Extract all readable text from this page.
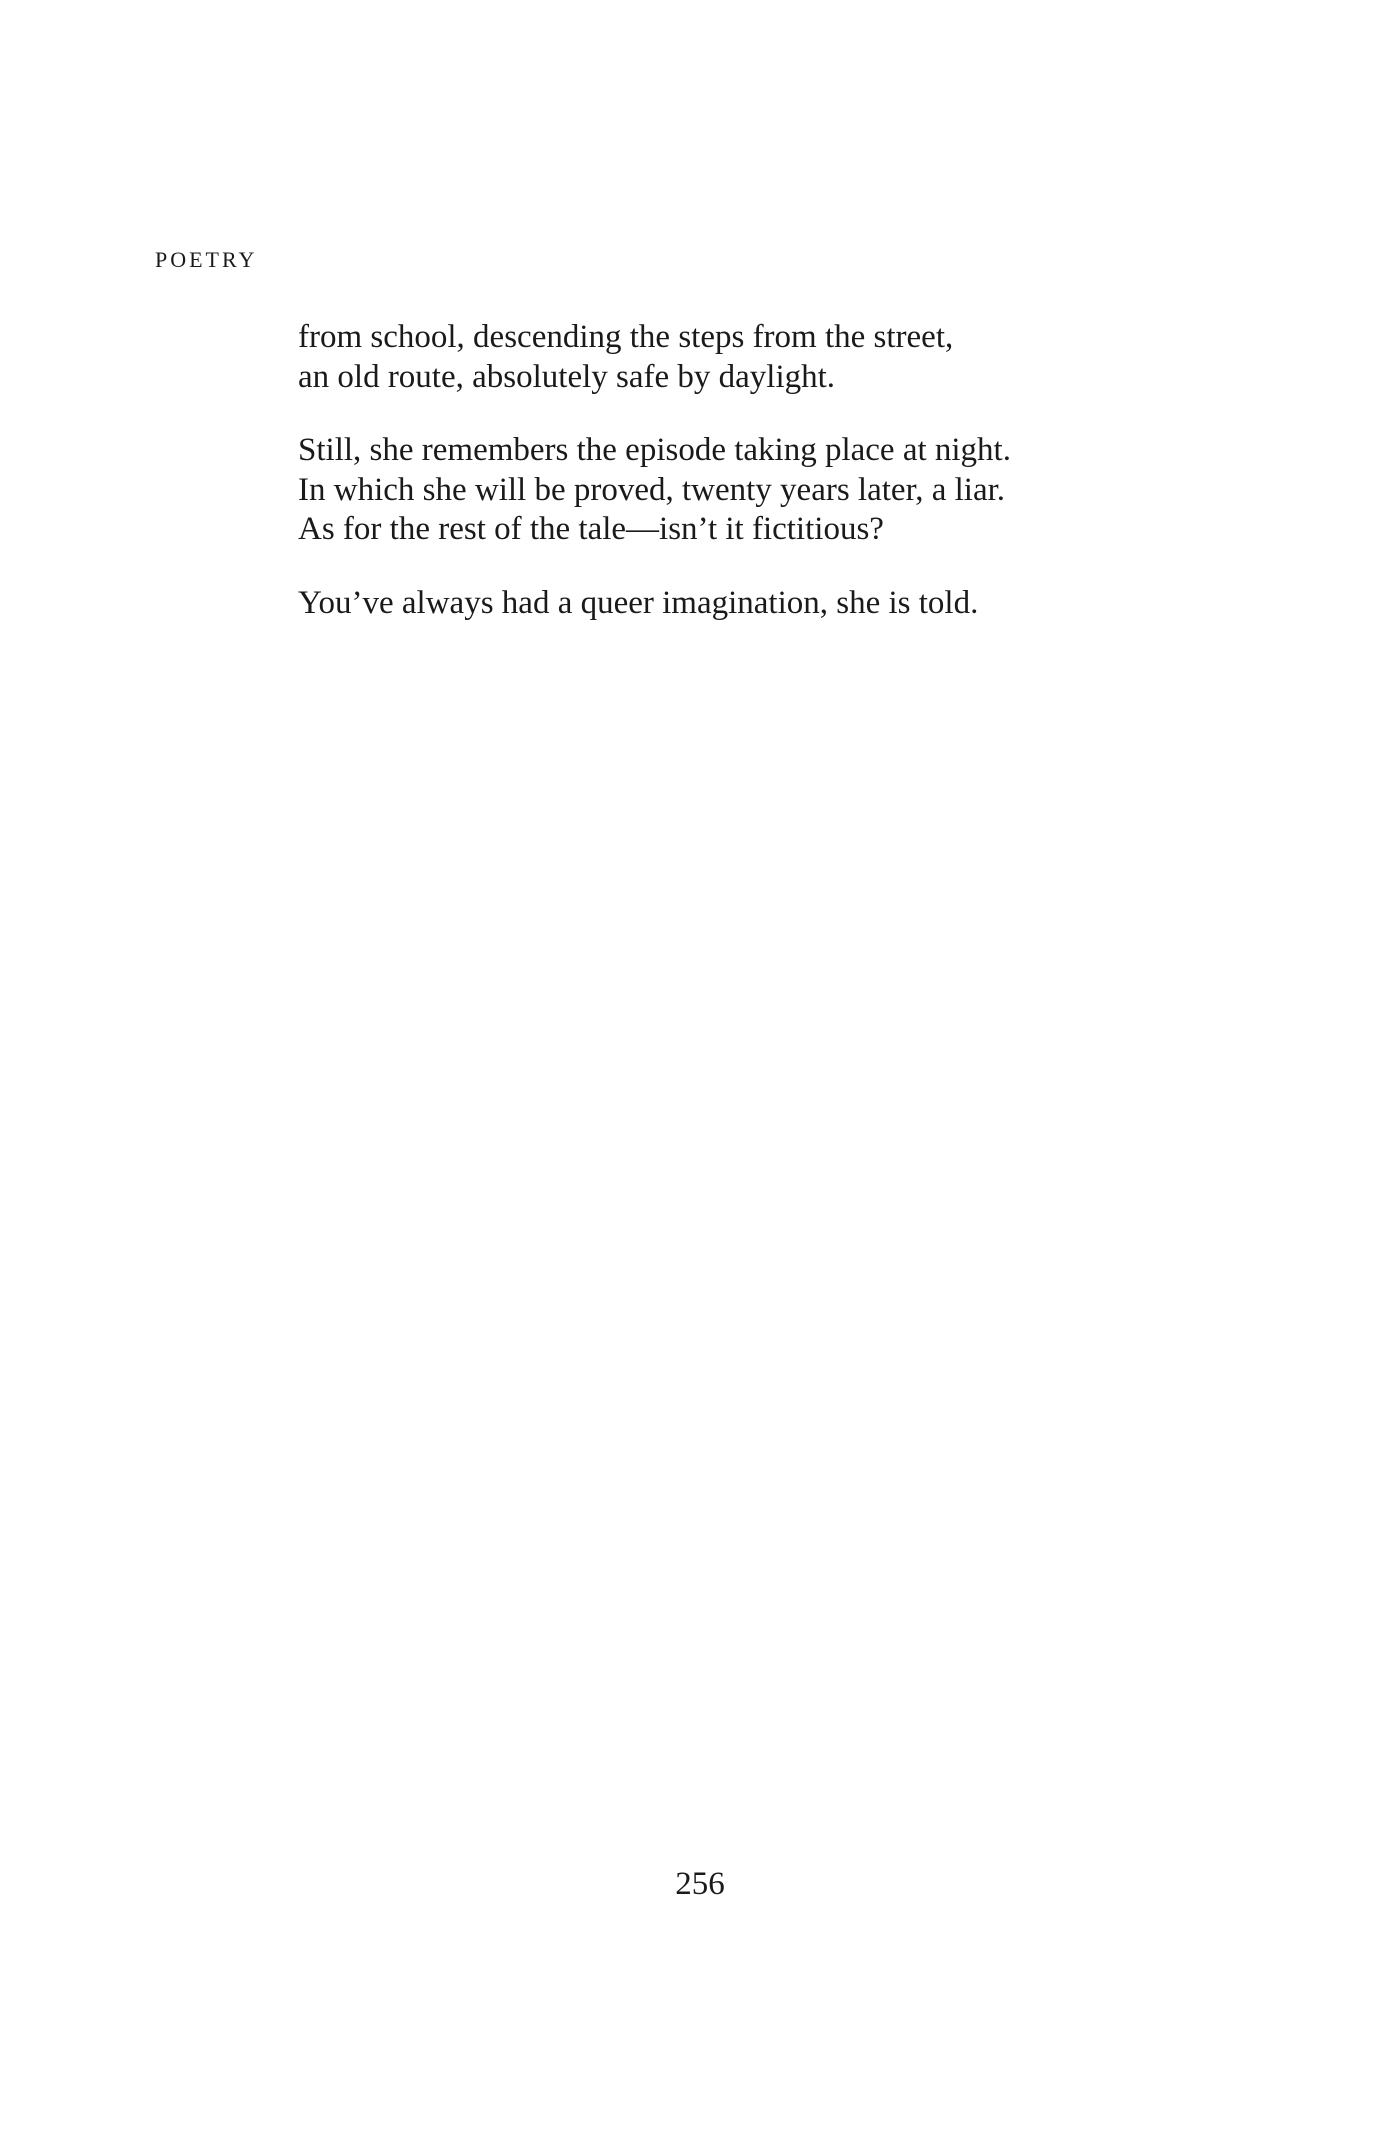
POETRY
from school, descending the steps from the street,
an old route, absolutely safe by daylight.
Still, she remembers the episode taking place at night.
In which she will be proved, twenty years later, a liar.
As for the rest of the tale—isn’t it fictitious?
You’ve always had a queer imagination, she is told.
256
